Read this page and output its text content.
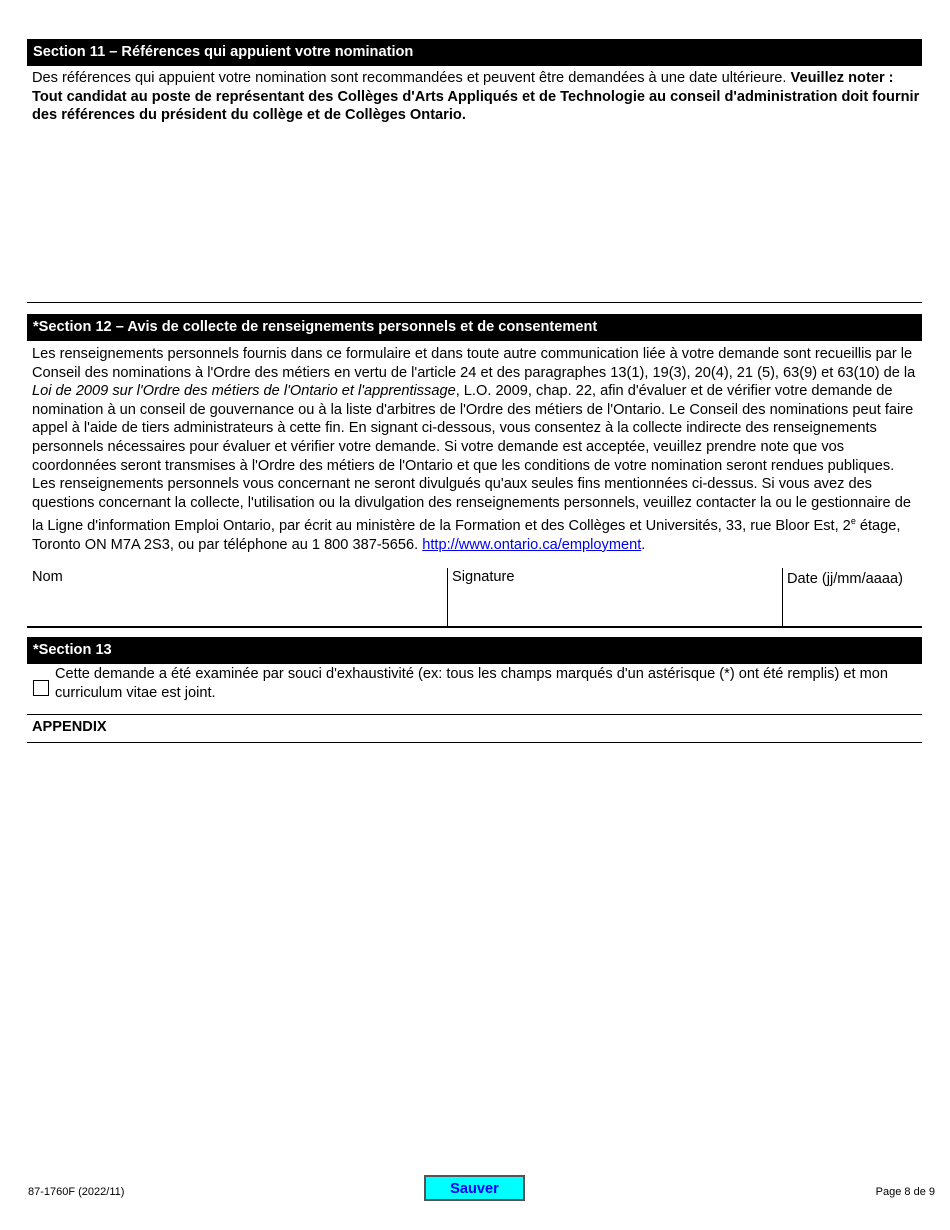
Section 11 – Références qui appuient votre nomination
Des références qui appuient votre nomination sont recommandées et peuvent être demandées à une date ultérieure. Veuillez noter : Tout candidat au poste de représentant des Collèges d'Arts Appliqués et de Technologie au conseil d'administration doit fournir des références du président du collège et de Collèges Ontario.
*Section 12 – Avis de collecte de renseignements personnels et de consentement
Les renseignements personnels fournis dans ce formulaire et dans toute autre communication liée à votre demande sont recueillis par le Conseil des nominations à l'Ordre des métiers en vertu de l'article 24 et des paragraphes 13(1), 19(3), 20(4), 21 (5), 63(9) et 63(10) de la Loi de 2009 sur l'Ordre des métiers de l'Ontario et l'apprentissage, L.O. 2009, chap. 22, afin d'évaluer et de vérifier votre demande de nomination à un conseil de gouvernance ou à la liste d'arbitres de l'Ordre des métiers de l'Ontario. Le Conseil des nominations peut faire appel à l'aide de tiers administrateurs à cette fin. En signant ci-dessous, vous consentez à la collecte indirecte des renseignements personnels nécessaires pour évaluer et vérifier votre demande. Si votre demande est acceptée, veuillez prendre note que vos coordonnées seront transmises à l'Ordre des métiers de l'Ontario et que les conditions de votre nomination seront rendues publiques. Les renseignements personnels vous concernant ne seront divulgués qu'aux seules fins mentionnées ci-dessus. Si vous avez des questions concernant la collecte, l'utilisation ou la divulgation des renseignements personnels, veuillez contacter la ou le gestionnaire de la Ligne d'information Emploi Ontario, par écrit au ministère de la Formation et des Collèges et Universités, 33, rue Bloor Est, 2e étage, Toronto ON M7A 2S3, ou par téléphone au 1 800 387-5656. http://www.ontario.ca/employment.
Nom	Signature	Date (jj/mm/aaaa)
*Section 13
Cette demande a été examinée par souci d'exhaustivité (ex: tous les champs marqués d'un astérisque (*) ont été remplis) et mon curriculum vitae est joint.
APPENDIX
87-1760F (2022/11)	Sauver	Page 8 de 9
